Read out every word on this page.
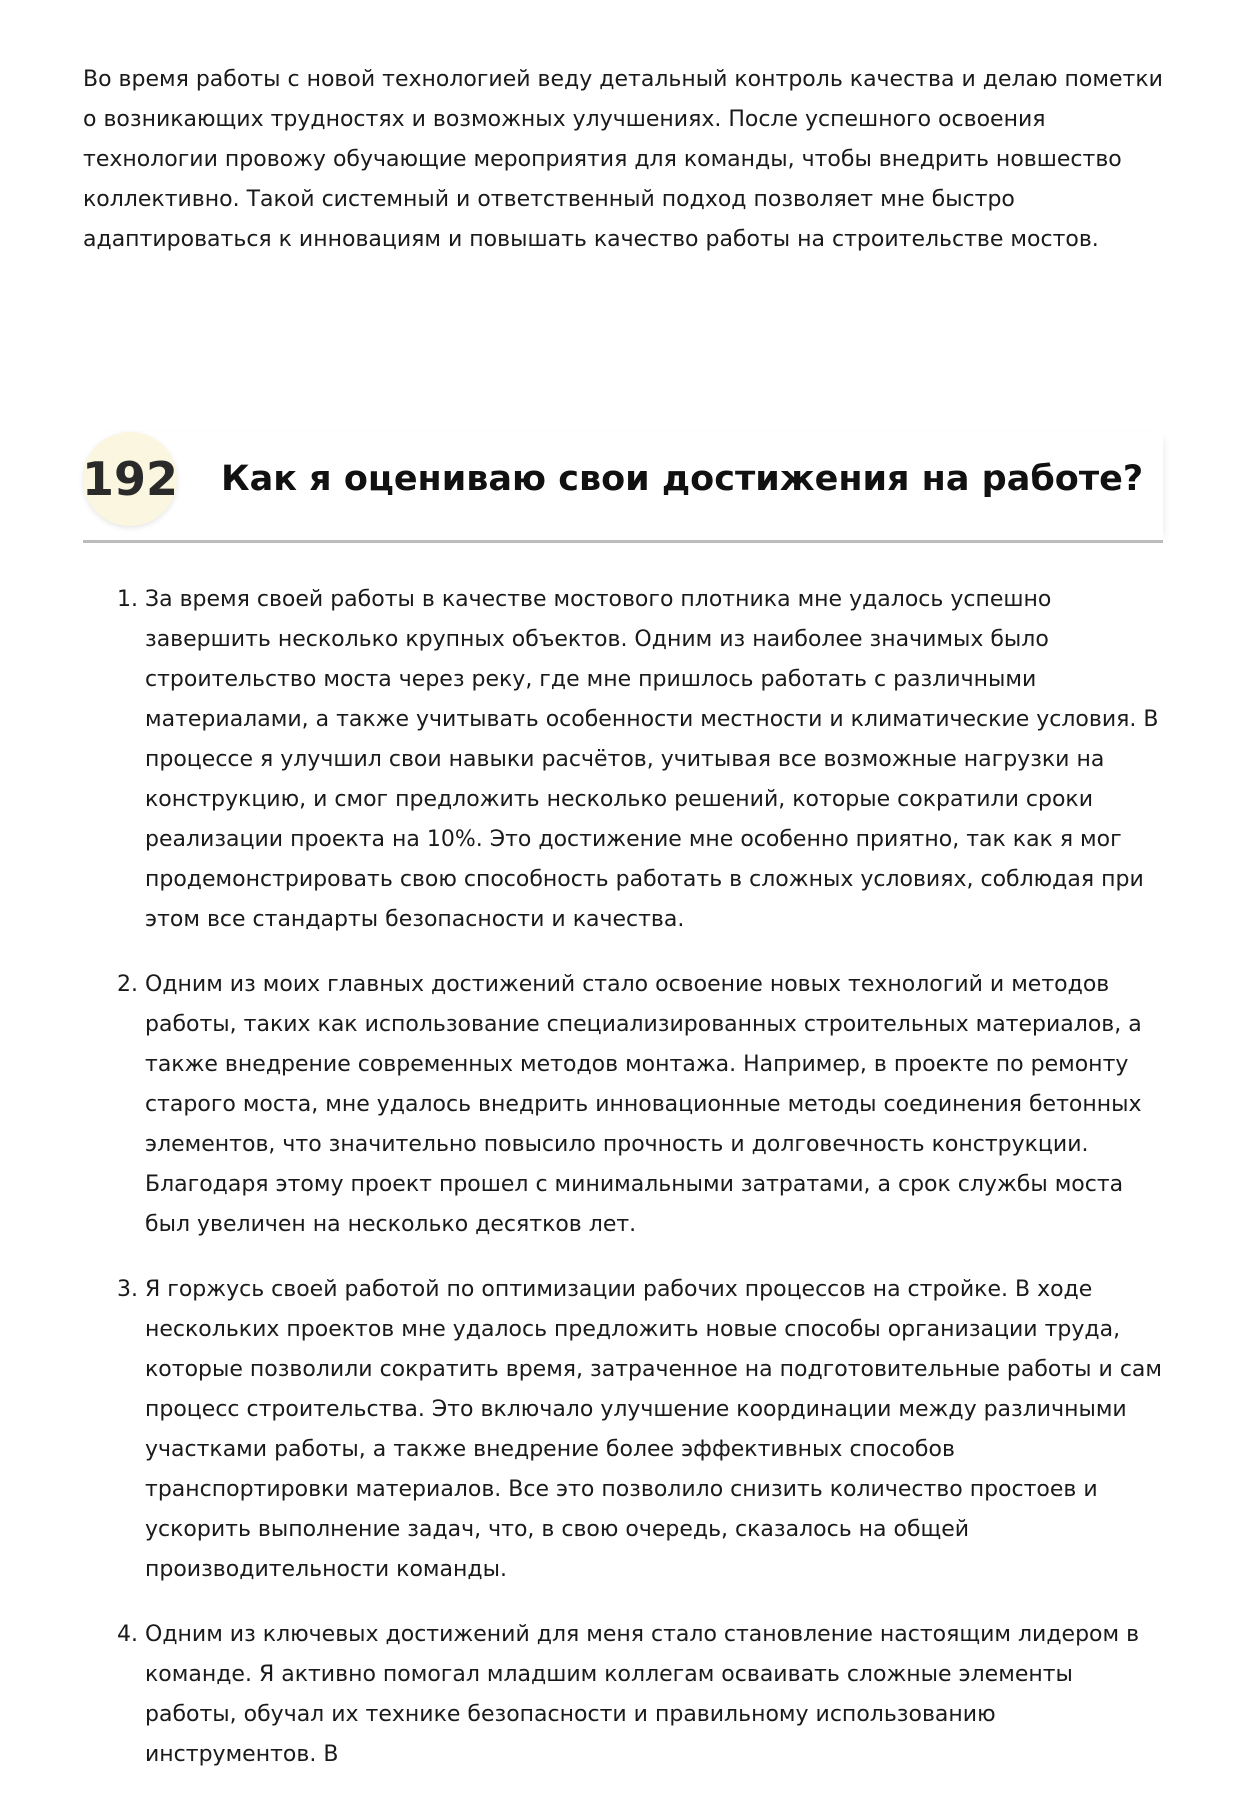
Во время работы с новой технологией веду детальный контроль качества и делаю пометки о возникающих трудностях и возможных улучшениях. После успешного освоения технологии провожу обучающие мероприятия для команды, чтобы внедрить новшество коллективно. Такой системный и ответственный подход позволяет мне быстро адаптироваться к инновациям и повышать качество работы на строительстве мостов.

192 Как я оцениваю свои достижения на работе?
1. За время своей работы в качестве мостового плотника мне удалось успешно завершить несколько крупных объектов. Одним из наиболее значимых было строительство моста через реку, где мне пришлось работать с различными материалами, а также учитывать особенности местности и климатические условия. В процессе я улучшил свои навыки расчётов, учитывая все возможные нагрузки на конструкцию, и смог предложить несколько решений, которые сократили сроки реализации проекта на 10%. Это достижение мне особенно приятно, так как я мог продемонстрировать свою способность работать в сложных условиях, соблюдая при этом все стандарты безопасности и качества.
2. Одним из моих главных достижений стало освоение новых технологий и методов работы, таких как использование специализированных строительных материалов, а также внедрение современных методов монтажа. Например, в проекте по ремонту старого моста, мне удалось внедрить инновационные методы соединения бетонных элементов, что значительно повысило прочность и долговечность конструкции. Благодаря этому проект прошел с минимальными затратами, а срок службы моста был увеличен на несколько десятков лет.
3. Я горжусь своей работой по оптимизации рабочих процессов на стройке. В ходе нескольких проектов мне удалось предложить новые способы организации труда, которые позволили сократить время, затраченное на подготовительные работы и сам процесс строительства. Это включало улучшение координации между различными участками работы, а также внедрение более эффективных способов транспортировки материалов. Все это позволило снизить количество простоев и ускорить выполнение задач, что, в свою очередь, сказалось на общей производительности команды.
4. Одним из ключевых достижений для меня стало становление настоящим лидером в команде. Я активно помогал младшим коллегам осваивать сложные элементы работы, обучал их технике безопасности и правильному использованию инструментов. В
